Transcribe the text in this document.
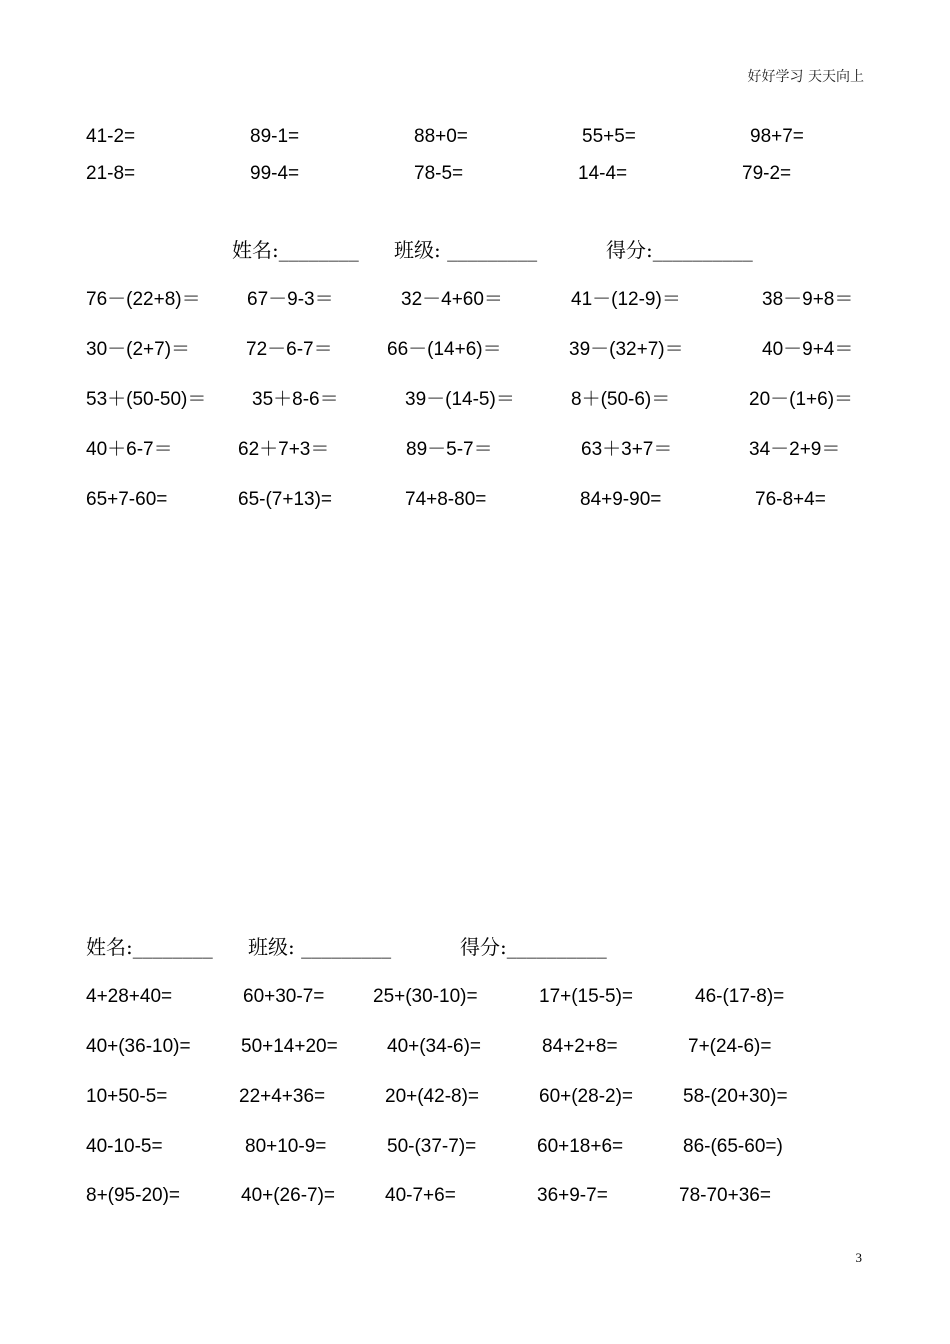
好好学习 天天向上
41-2=	89-1=	88+0=	55+5=	98+7=
21-8=	99-4=	78-5=	14-4=	79-2=
姓名:________ 班级: _________	得分:__________
76－(22+8)＝ 67－9-3＝	32－4+60＝	41－(12-9)＝	38－9+8＝
30－(2+7)＝	72－6-7＝	66－(14+6)＝	39－(32+7)＝	40－9+4＝
53＋(50-50)＝ 35＋8-6＝	39－(14-5)＝	8＋(50-6)＝	20－(1+6)＝
40＋6-7＝	62＋7+3＝	89－5-7＝	63＋3+7＝	34－2+9＝
65+7-60=	65-(7+13)=	74+8-80=	84+9-90=	76-8+4=
姓名:________ 班级: _________	得分:__________
4+28+40=	60+30-7=	25+(30-10)=	17+(15-5)=	46-(17-8)=
40+(36-10)=	50+14+20=	40+(34-6)=	84+2+8=	7+(24-6)=
10+50-5=	22+4+36=	20+(42-8)=	60+(28-2)=	58-(20+30)=
40-10-5=	80+10-9=	50-(37-7)=	60+18+6=	86-(65-60=)
8+(95-20)=	40+(26-7)=	40-7+6=	36+9-7=	78-70+36=
3
